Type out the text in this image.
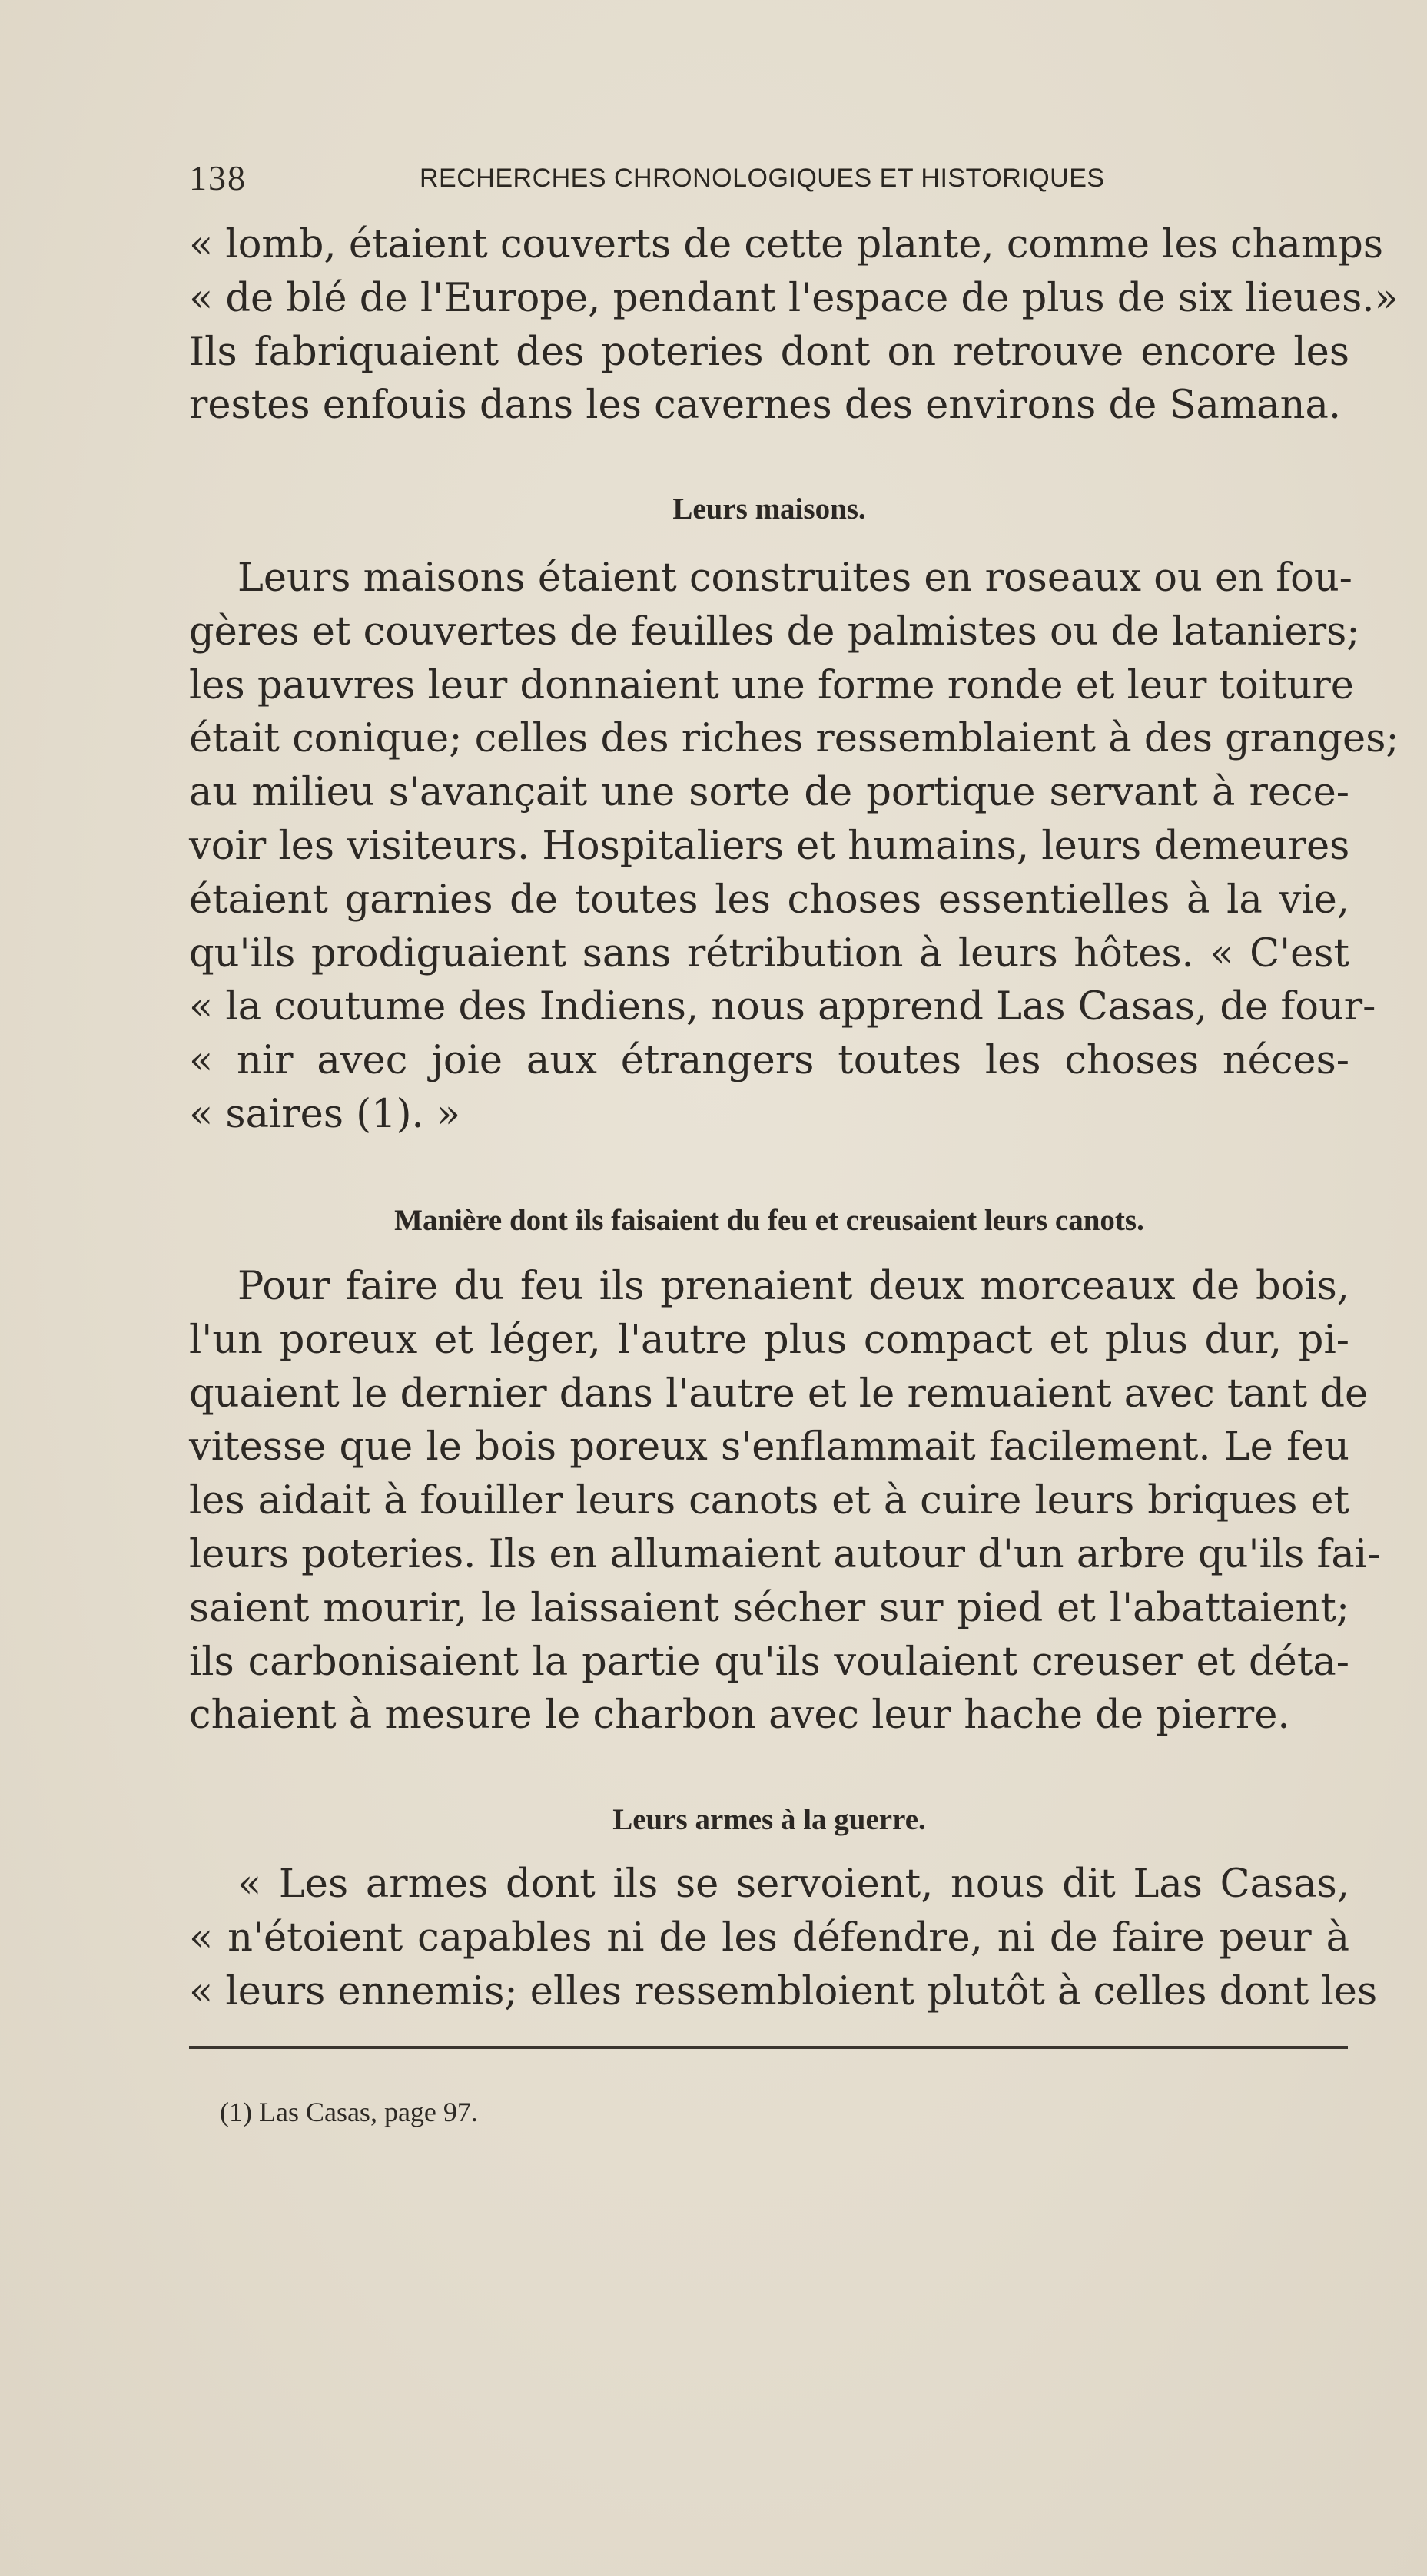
138	RECHERCHES CHRONOLOGIQUES ET HISTORIQUES

« lomb, étaient couverts de cette plante, comme les champs
« de blé de l'Europe, pendant l'espace de plus de six lieues.»
Ils fabriquaient des poteries dont on retrouve encore les
restes enfouis dans les cavernes des environs de Samana.

Leurs maisons.

Leurs maisons étaient construites en roseaux ou en fou-
gères et couvertes de feuilles de palmistes ou de lataniers;
les pauvres leur donnaient une forme ronde et leur toiture
était conique; celles des riches ressemblaient à des granges;
au milieu s'avançait une sorte de portique servant à rece-
voir les visiteurs. Hospitaliers et humains, leurs demeures
étaient garnies de toutes les choses essentielles à la vie,
qu'ils prodiguaient sans rétribution à leurs hôtes. « C'est
« la coutume des Indiens, nous apprend Las Casas, de four-
« nir avec joie aux étrangers toutes les choses néces-
« saires (1). »

Manière dont ils faisaient du feu et creusaient leurs canots.

Pour faire du feu ils prenaient deux morceaux de bois,
l'un poreux et léger, l'autre plus compact et plus dur, pi-
quaient le dernier dans l'autre et le remuaient avec tant de
vitesse que le bois poreux s'enflammait facilement. Le feu
les aidait à fouiller leurs canots et à cuire leurs briques et
leurs poteries. Ils en allumaient autour d'un arbre qu'ils fai-
saient mourir, le laissaient sécher sur pied et l'abattaient;
ils carbonisaient la partie qu'ils voulaient creuser et déta-
chaient à mesure le charbon avec leur hache de pierre.

Leurs armes à la guerre.

« Les armes dont ils se servoient, nous dit Las Casas,
« n'étoient capables ni de les défendre, ni de faire peur à
« leurs ennemis; elles ressembloient plutôt à celles dont les

(1) Las Casas, page 97.
